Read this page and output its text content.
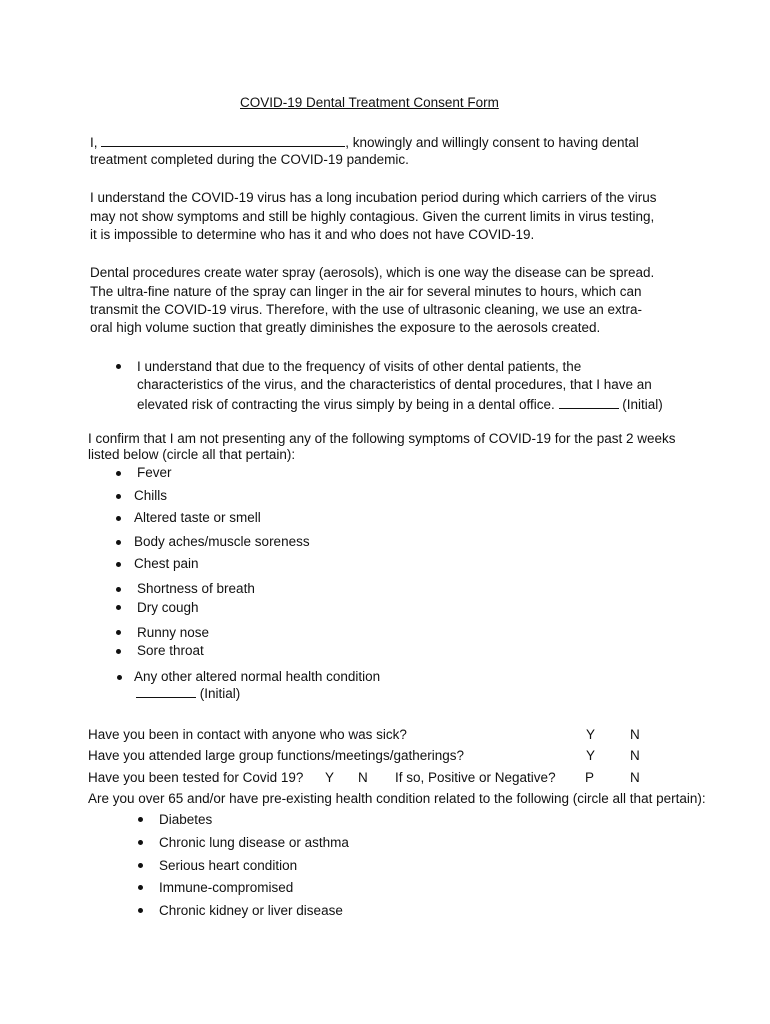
COVID-19 Dental Treatment Consent Form
I,	, knowingly and willingly consent to having dental
treatment completed during the COVID-19 pandemic.
I understand the COVID-19 virus has a long incubation period during which carriers of the virus
may not show symptoms and still be highly contagious. Given the current limits in virus testing,
it is impossible to determine who has it and who does not have COVID-19.
Dental procedures create water spray (aerosols), which is one way the disease can be spread.
The ultra-fine nature of the spray can linger in the air for several minutes to hours, which can
transmit the COVID-19 virus. Therefore, with the use of ultrasonic cleaning, we use an extra-
oral high volume suction that greatly diminishes the exposure to the aerosols created.
I understand that due to the frequency of visits of other dental patients, the
characteristics of the virus, and the characteristics of dental procedures, that I have an
elevated risk of contracting the virus simply by being in a dental office.	(Initial)
I confirm that I am not presenting any of the following symptoms of COVID-19 for the past 2 weeks
listed below (circle all that pertain):
Fever
Chills
Altered taste or smell
Body aches/muscle soreness
Chest pain
Shortness of breath
Dry cough
Runny nose
Sore throat
Any other altered normal health condition
(Initial)
Have you been in contact with anyone who was sick?	Y	N
Have you attended large group functions/meetings/gatherings?	Y	N
Have you been tested for Covid 19? Y N If so, Positive or Negative? P	N
Are you over 65 and/or have pre-existing health condition related to the following (circle all that pertain):
Diabetes
Chronic lung disease or asthma
Serious heart condition
Immune-compromised
Chronic kidney or liver disease
